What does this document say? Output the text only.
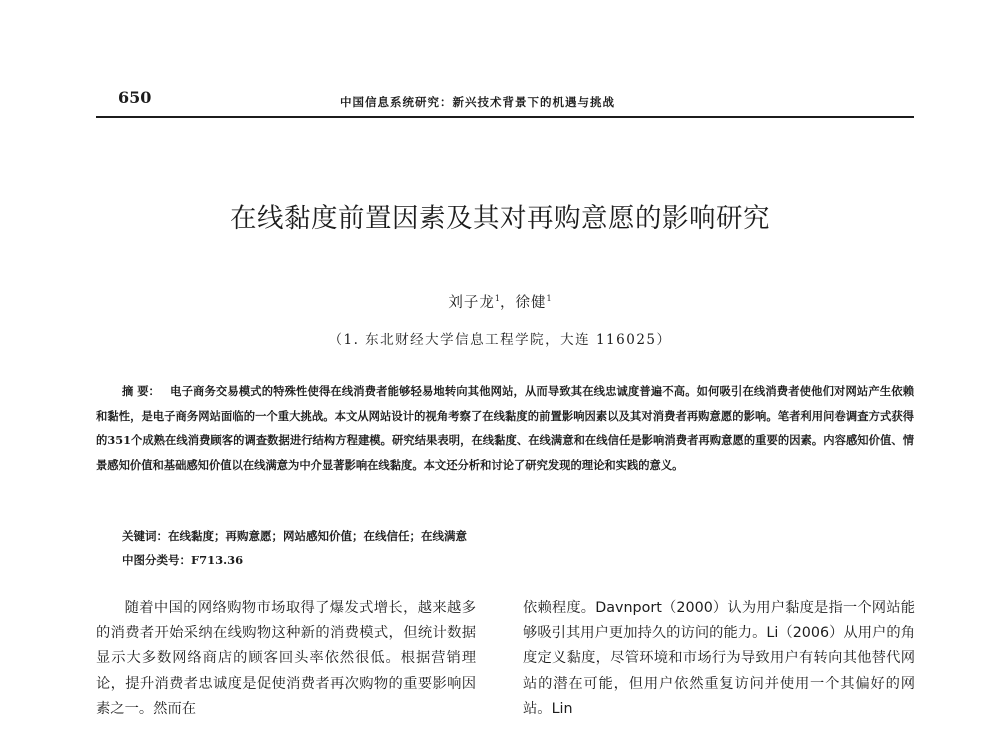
650	中国信息系统研究：新兴技术背景下的机遇与挑战
在线黏度前置因素及其对再购意愿的影响研究
刘子龙$^1$，徐健$^1$
（1. 东北财经大学信息工程学院，大连 116025）
摘 要： 电子商务交易模式的特殊性使得在线消费者能够轻易地转向其他网站，从而导致其在线忠诚度普遍不高。如何吸引在线消费者使他们对网站产生依赖和黏性，是电子商务网站面临的一个重大挑战。本文从网站设计的视角考察了在线黏度的前置影响因素以及其对消费者再购意愿的影响。笔者利用问卷调查方式获得的351个成熟在线消费顾客的调查数据进行结构方程建模。研究结果表明，在线黏度、在线满意和在线信任是影响消费者再购意愿的重要的因素。内容感知价值、情景感知价值和基础感知价值以在线满意为中介显著影响在线黏度。本文还分析和讨论了研究发现的理论和实践的意义。
关键词：在线黏度；再购意愿；网站感知价值；在线信任；在线满意
中图分类号：F713.36
随着中国的网络购物市场取得了爆发式增长，越来越多的消费者开始采纳在线购物这种新的消费模式，但统计数据显示大多数网络商店的顾客回头率依然很低。根据营销理论，提升消费者忠诚度是促使消费者再次购物的重要影响因素之一。然而在
依赖程度。Davnport（2000）认为用户黏度是指一个网站能够吸引其用户更加持久的访问的能力。Li（2006）从用户的角度定义黏度，尽管环境和市场行为导致用户有转向其他替代网站的潜在可能，但用户依然重复访问并使用一个其偏好的网站。Lin
